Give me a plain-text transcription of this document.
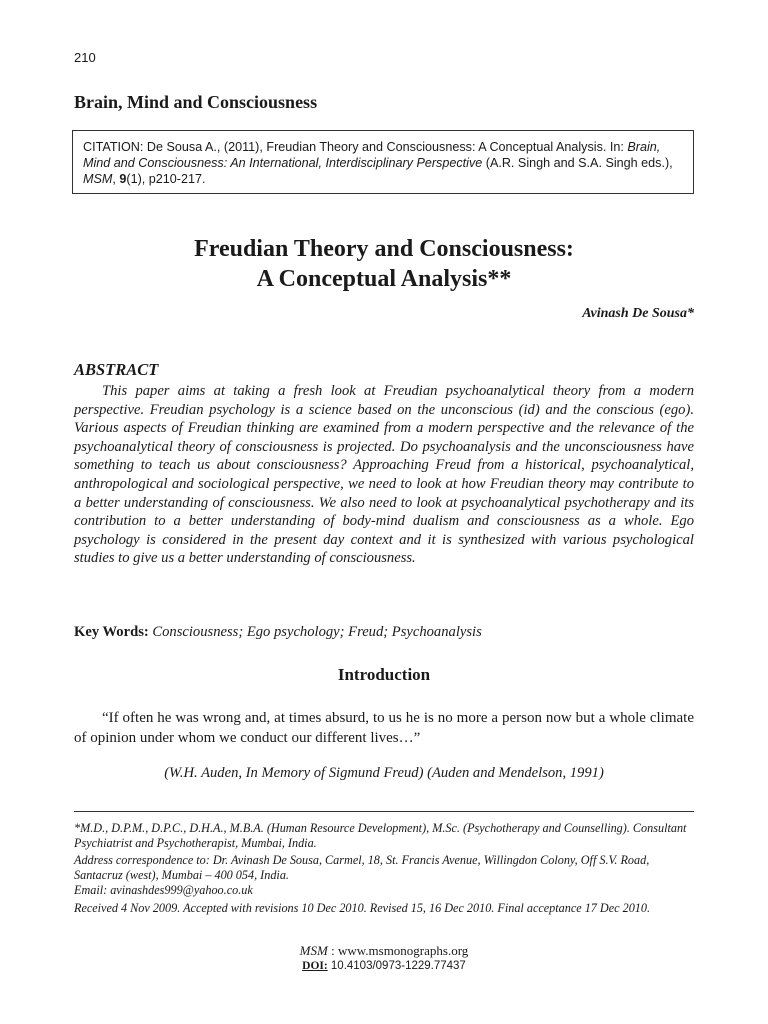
210
Brain, Mind and Consciousness
CITATION: De Sousa A., (2011), Freudian Theory and Consciousness: A Conceptual Analysis. In: Brain, Mind and Consciousness: An International, Interdisciplinary Perspective (A.R. Singh and S.A. Singh eds.), MSM, 9(1), p210-217.
Freudian Theory and Consciousness:
A Conceptual Analysis**
Avinash De Sousa*
ABSTRACT

This paper aims at taking a fresh look at Freudian psychoanalytical theory from a modern perspective. Freudian psychology is a science based on the unconscious (id) and the conscious (ego). Various aspects of Freudian thinking are examined from a modern perspective and the relevance of the psychoanalytical theory of consciousness is projected. Do psychoanalysis and the unconsciousness have something to teach us about consciousness? Approaching Freud from a historical, psychoanalytical, anthropological and sociological perspective, we need to look at how Freudian theory may contribute to a better understanding of consciousness. We also need to look at psychoanalytical psychotherapy and its contribution to a better understanding of body-mind dualism and consciousness as a whole. Ego psychology is considered in the present day context and it is synthesized with various psychological studies to give us a better understanding of consciousness.

Key Words: Consciousness; Ego psychology; Freud; Psychoanalysis
Introduction

“If often he was wrong and, at times absurd, to us he is no more a person now but a whole climate of opinion under whom we conduct our different lives…”

(W.H. Auden, In Memory of Sigmund Freud) (Auden and Mendelson, 1991)

*M.D., D.P.M., D.P.C., D.H.A., M.B.A. (Human Resource Development), M.Sc. (Psychotherapy and Counselling). Consultant Psychiatrist and Psychotherapist, Mumbai, India.

Address correspondence to: Dr. Avinash De Sousa, Carmel, 18, St. Francis Avenue, Willingdon Colony, Off S.V. Road, Santacruz (west), Mumbai – 400 054, India.
Email: avinashdes999@yahoo.co.uk

Received 4 Nov 2009. Accepted with revisions 10 Dec 2010. Revised 15, 16 Dec 2010. Final acceptance 17 Dec 2010.

MSM : www.msmonographs.org
DOI: 10.4103/0973-1229.77437
